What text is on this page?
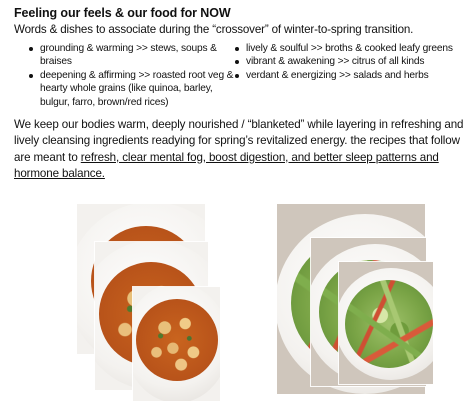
Feeling our feels & our food for NOW
Words & dishes to associate during the “crossover” of winter-to-spring transition.
grounding & warming >> stews, soups & braises
deepening & affirming >> roasted root veg & hearty whole grains (like quinoa, barley, bulgur, farro, brown/red rices)
lively & soulful >> broths & cooked leafy greens
vibrant & awakening >> citrus of all kinds
verdant & energizing >> salads and herbs
We keep our bodies warm, deeply nourished / “blanketed” while layering in refreshing and lively cleansing ingredients readying for spring’s revitalized energy. the recipes that follow are meant to refresh, clear mental fog, boost digestion, and better sleep patterns and hormone balance.
